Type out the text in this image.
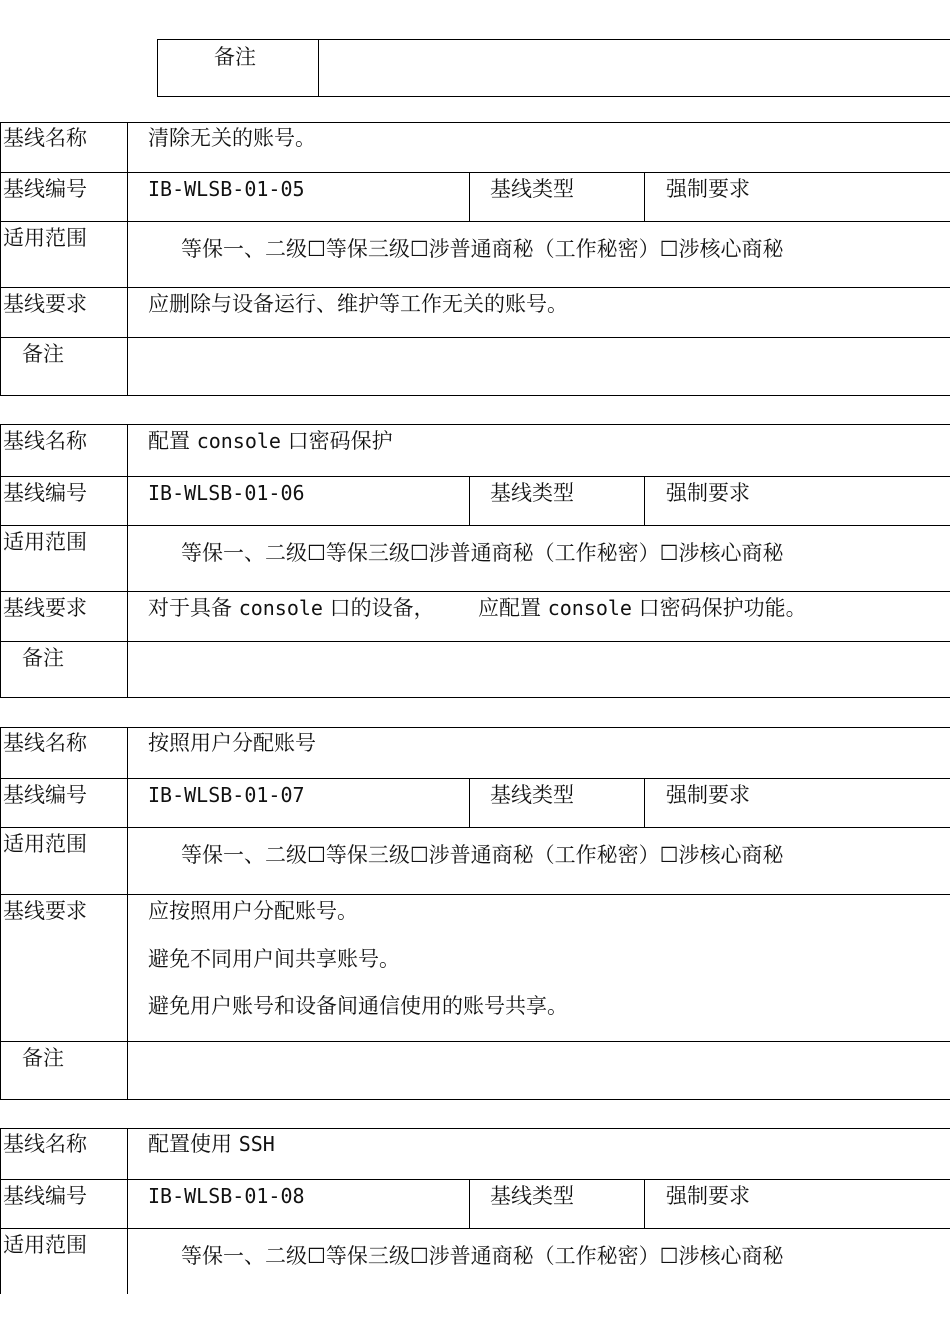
备注
基线名称	清除无关的账号。
基线编号	IB-WLSB-01-05	基线类型	强制要求
适用范围	等保一、二级☐等保三级☐涉普通商秘（工作秘密）☐涉核心商秘
基线要求	应删除与设备运行、维护等工作无关的账号。
备注
基线名称	配置 console 口密码保护
基线编号	IB-WLSB-01-06	基线类型	强制要求
适用范围	等保一、二级☐等保三级☐涉普通商秘（工作秘密）☐涉核心商秘
基线要求	对于具备 console 口的设备， 应配置 console 口密码保护功能。
备注
基线名称	按照用户分配账号
基线编号	IB-WLSB-01-07	基线类型	强制要求
适用范围	等保一、二级☐等保三级☐涉普通商秘（工作秘密）☐涉核心商秘
基线要求	应按照用户分配账号。
避免不同用户间共享账号。
避免用户账号和设备间通信使用的账号共享。
备注
基线名称	配置使用 SSH
基线编号	IB-WLSB-01-08	基线类型	强制要求
适用范围	等保一、二级☐等保三级☐涉普通商秘（工作秘密）☐涉核心商秘
